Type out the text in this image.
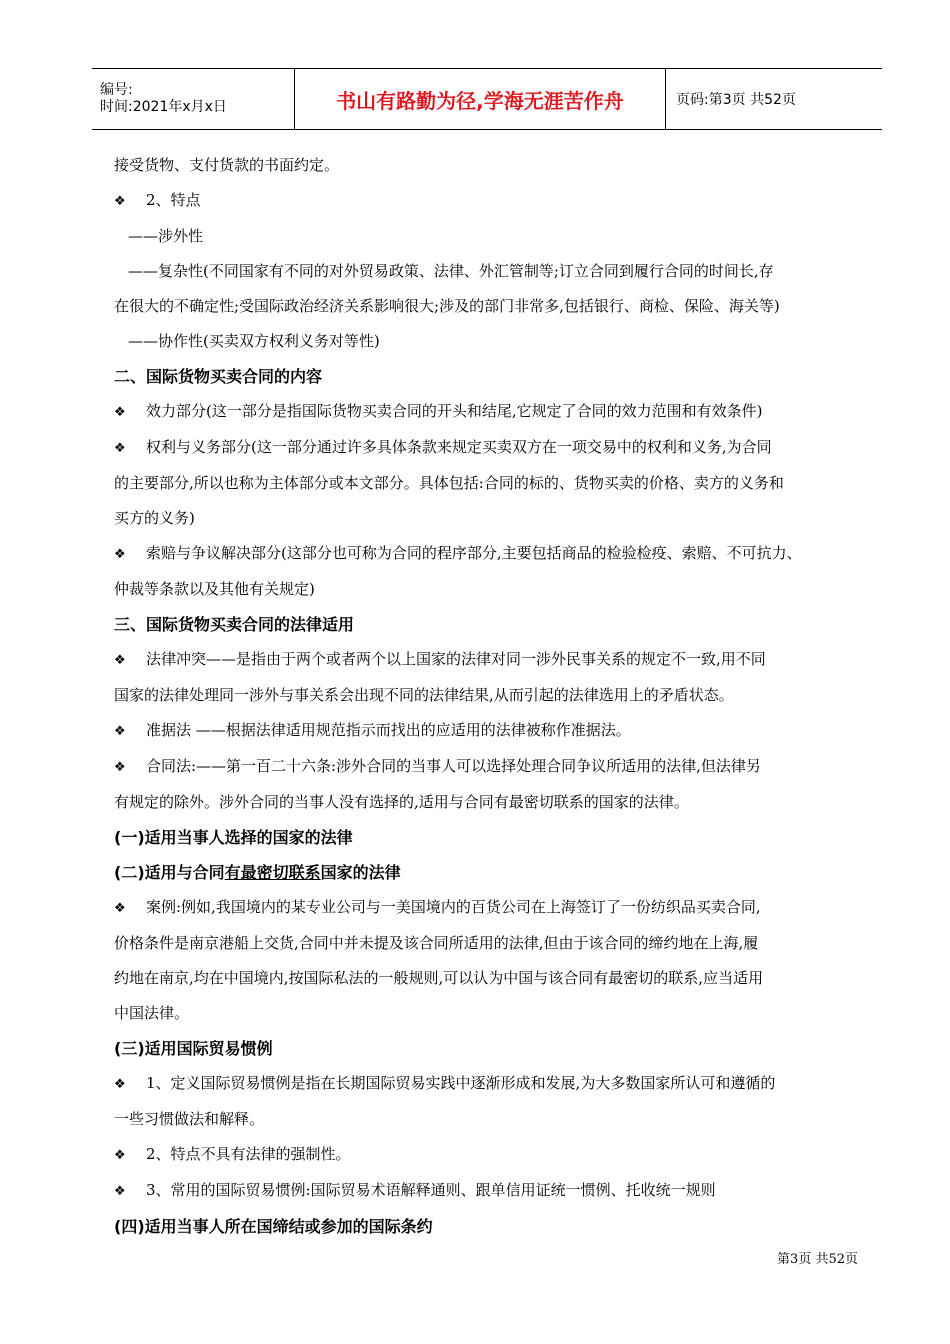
编号:
时间:2021年x月x日	书山有路勤为径,学海无涯苦作舟	页码:第3页 共52页
接受货物、支付货款的书面约定。
❖ 2、特点
——涉外性
——复杂性(不同国家有不同的对外贸易政策、法律、外汇管制等;订立合同到履行合同的时间长,存
在很大的不确定性;受国际政治经济关系影响很大;涉及的部门非常多,包括银行、商检、保险、海关等)
——协作性(买卖双方权利义务对等性)
二、国际货物买卖合同的内容
❖ 效力部分(这一部分是指国际货物买卖合同的开头和结尾,它规定了合同的效力范围和有效条件)
❖ 权利与义务部分(这一部分通过许多具体条款来规定买卖双方在一项交易中的权利和义务,为合同
的主要部分,所以也称为主体部分或本文部分。具体包括:合同的标的、货物买卖的价格、卖方的义务和
买方的义务)
❖ 索赔与争议解决部分(这部分也可称为合同的程序部分,主要包括商品的检验检疫、索赔、不可抗力、
仲裁等条款以及其他有关规定)
三、国际货物买卖合同的法律适用
❖ 法律冲突——是指由于两个或者两个以上国家的法律对同一涉外民事关系的规定不一致,用不同
国家的法律处理同一涉外与事关系会出现不同的法律结果,从而引起的法律选用上的矛盾状态。
❖ 准据法 ——根据法律适用规范指示而找出的应适用的法律被称作准据法。
❖ 合同法:——第一百二十六条:涉外合同的当事人可以选择处理合同争议所适用的法律,但法律另
有规定的除外。涉外合同的当事人没有选择的,适用与合同有最密切联系的国家的法律。
(一)适用当事人选择的国家的法律
(二)适用与合同有最密切联系国家的法律
❖ 案例:例如,我国境内的某专业公司与一美国境内的百货公司在上海签订了一份纺织品买卖合同,
价格条件是南京港船上交货,合同中并未提及该合同所适用的法律,但由于该合同的缔约地在上海,履
约地在南京,均在中国境内,按国际私法的一般规则,可以认为中国与该合同有最密切的联系,应当适用
中国法律。
(三)适用国际贸易惯例
❖ 1、定义国际贸易惯例是指在长期国际贸易实践中逐渐形成和发展,为大多数国家所认可和遵循的
一些习惯做法和解释。
❖ 2、特点不具有法律的强制性。
❖ 3、常用的国际贸易惯例:国际贸易术语解释通则、跟单信用证统一惯例、托收统一规则
(四)适用当事人所在国缔结或参加的国际条约
第3页 共52页
